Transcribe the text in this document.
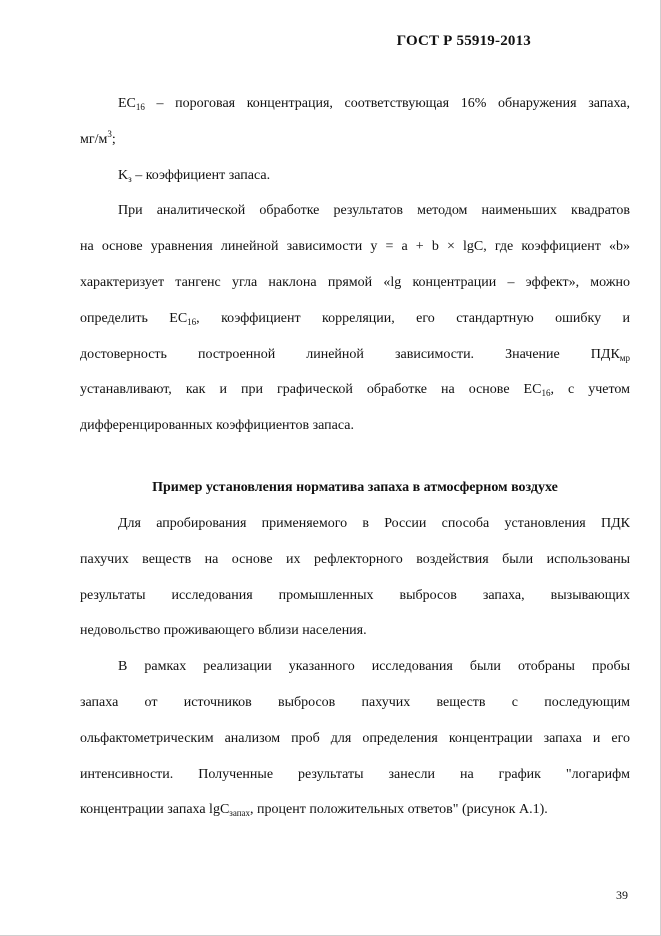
ГОСТ Р 55919-2013

$EC_{16}$ – пороговая концентрация, соответствующая 16% обнаружения запаха,

$мг/м^3$;

$K_з$ – коэффициент запаса.

При аналитической обработке результатов методом наименьших квадратов

на основе уравнения линейной зависимости y = a + b × lgC, где коэффициент «b»

характеризует тангенс угла наклона прямой «lg концентрации – эффект», можно

определить $EC_{16}$, коэффициент корреляции, его стандартную ошибку и

достоверность построенной линейной зависимости. Значение $ПДК_{мр}$

устанавливают, как и при графической обработке на основе $EC_{16}$, с учетом

дифференцированных коэффициентов запаса.

Пример установления норматива запаха в атмосферном воздухе

Для апробирования применяемого в России способа установления ПДК

пахучих веществ на основе их рефлекторного воздействия были использованы

результаты исследования промышленных выбросов запаха, вызывающих

недовольство проживающего вблизи населения.

В рамках реализации указанного исследования были отобраны пробы

запаха от источников выбросов пахучих веществ с последующим

ольфактометрическим анализом проб для определения концентрации запаха и его

интенсивности. Полученные результаты занесли на график "логарифм

концентрации запаха lgC$_{запах}$, процент положительных ответов" (рисунок А.1).

39
